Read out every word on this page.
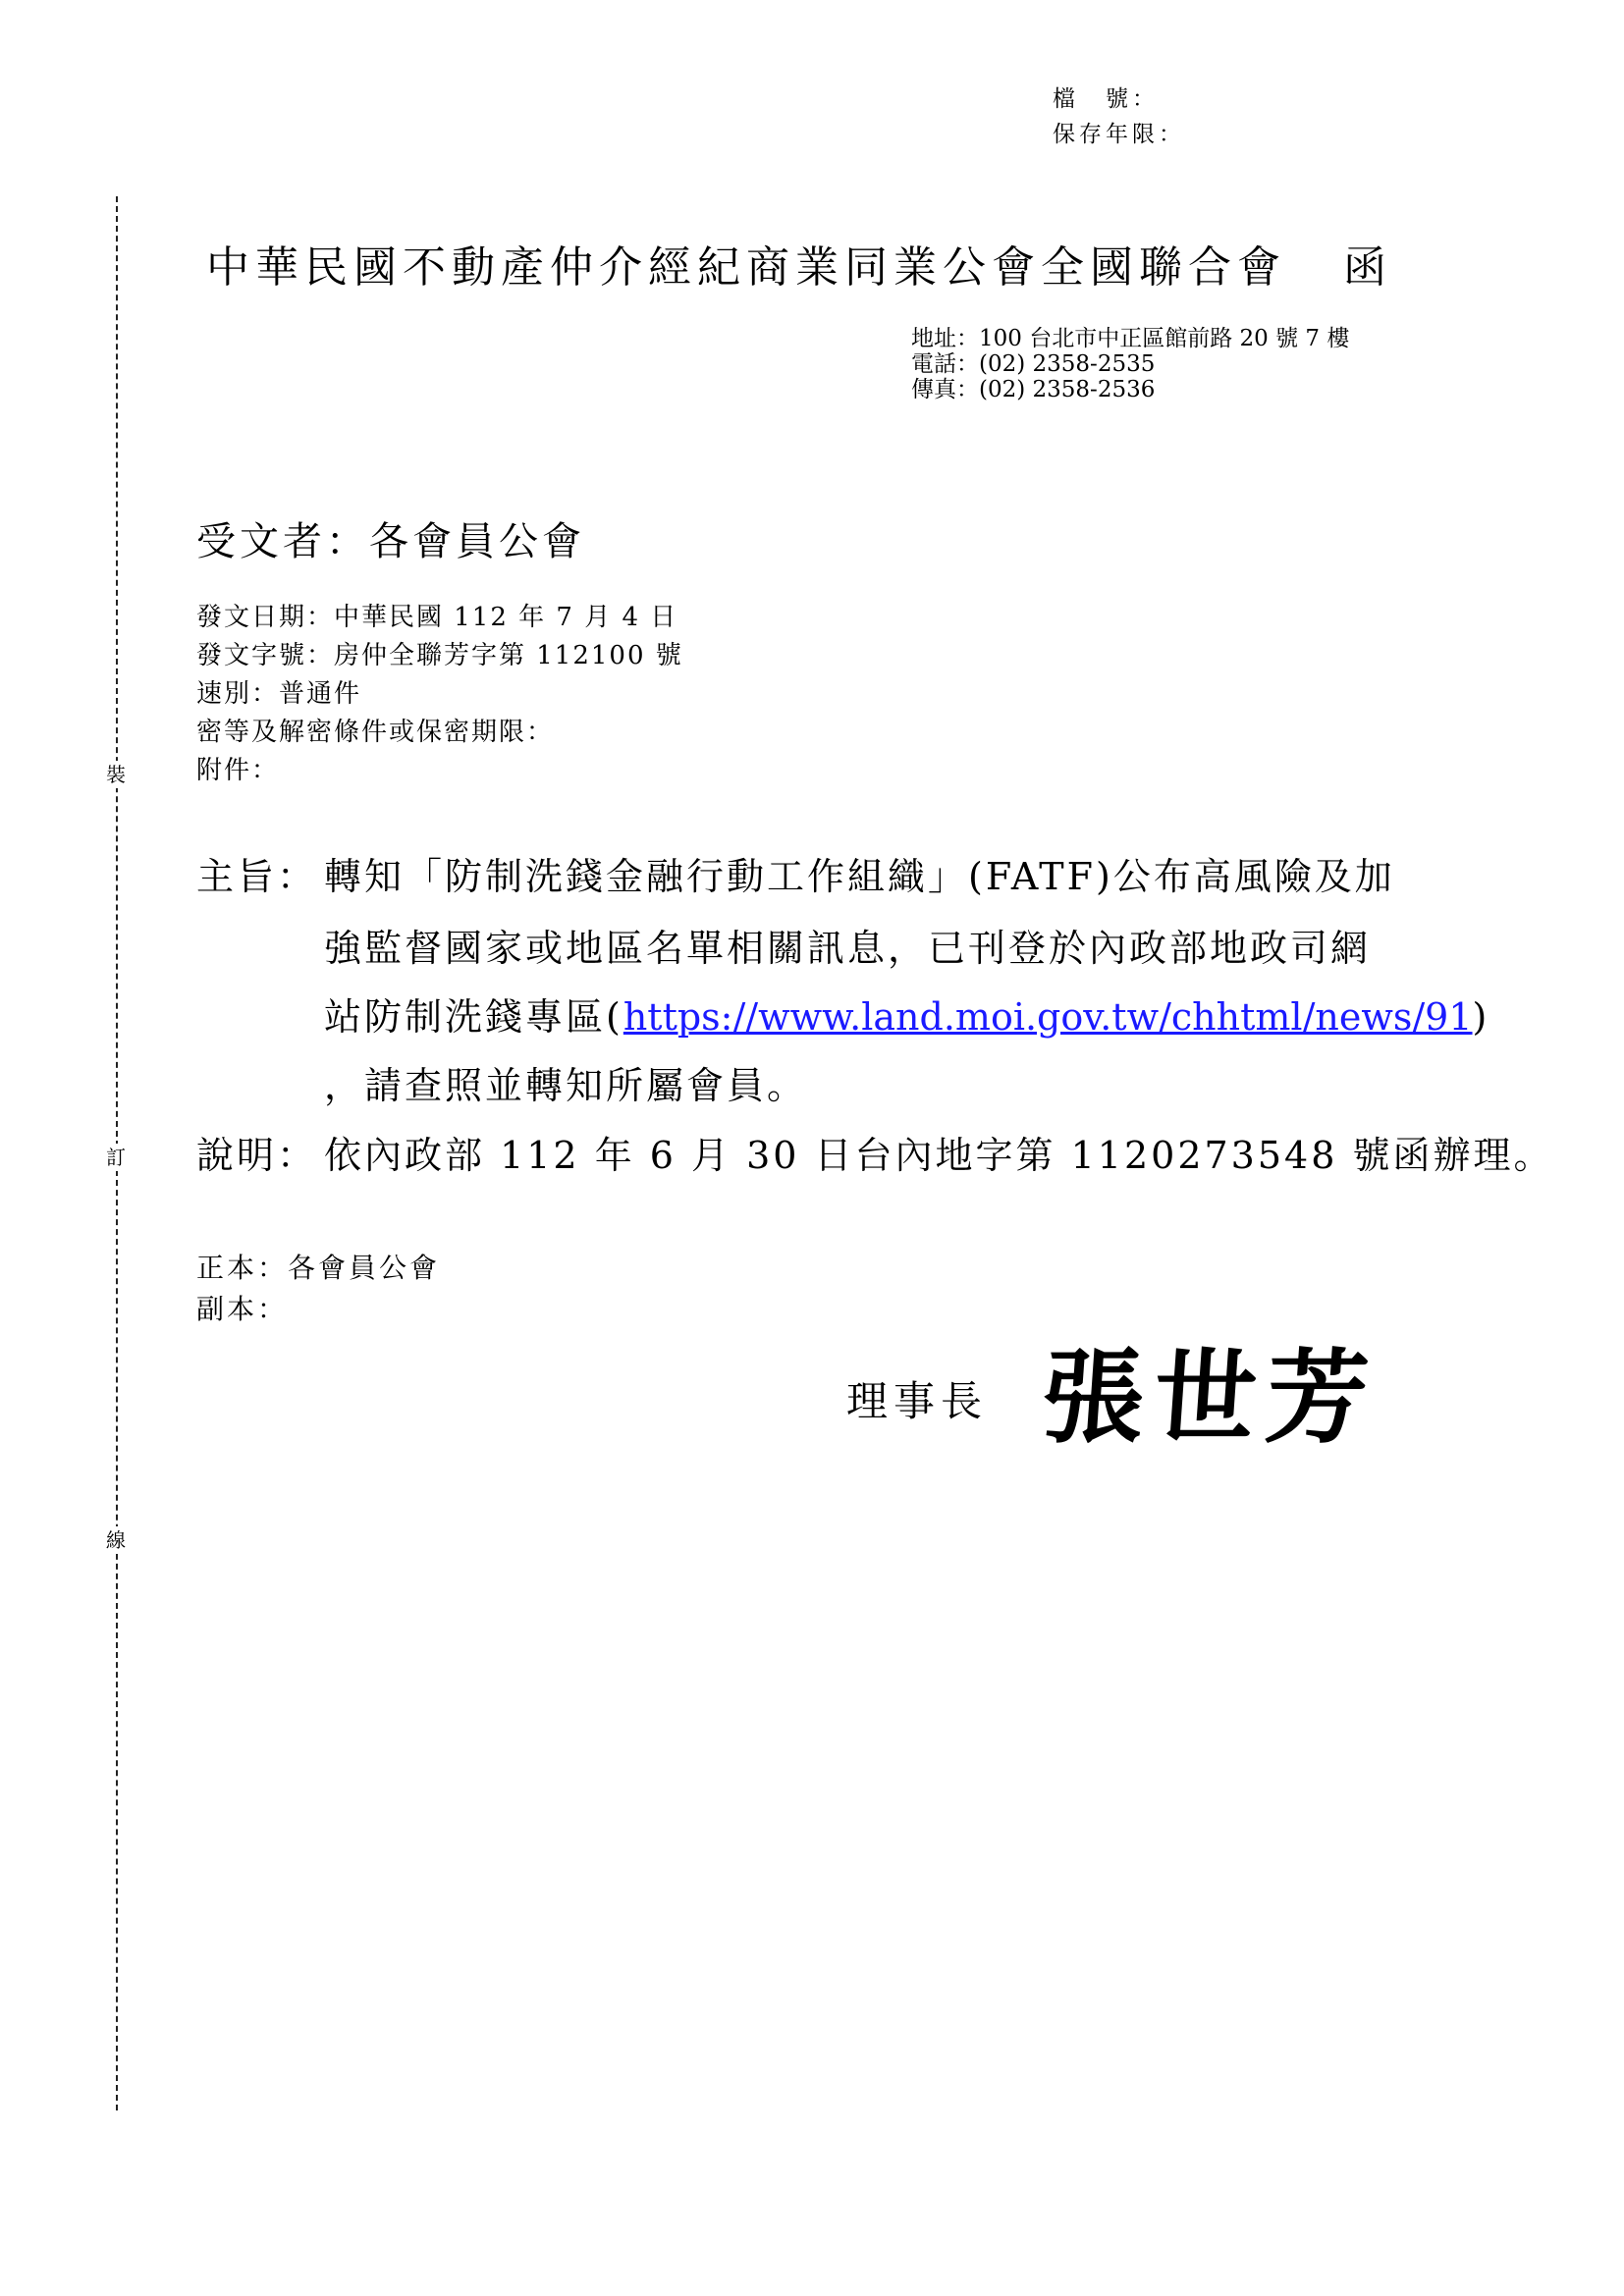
檔　號：
保存年限：
裝
訂
線
中華民國不動產仲介經紀商業同業公會全國聯合會 函
地址：100 台北市中正區館前路 20 號 7 樓
電話：(02) 2358-2535
傳真：(02) 2358-2536
受文者：各會員公會
發文日期：中華民國 112 年 7 月 4 日
發文字號：房仲全聯芳字第 112100 號
速別：普通件
密等及解密條件或保密期限：
附件：
主旨： 轉知「防制洗錢金融行動工作組織」(FATF)公布高風險及加
強監督國家或地區名單相關訊息，已刊登於內政部地政司網
站防制洗錢專區(https://www.land.moi.gov.tw/chhtml/news/91)
，請查照並轉知所屬會員。
說明： 依內政部 112 年 6 月 30 日台內地字第 1120273548 號函辦理。
正本：各會員公會
副本：
理事長 張世芳
